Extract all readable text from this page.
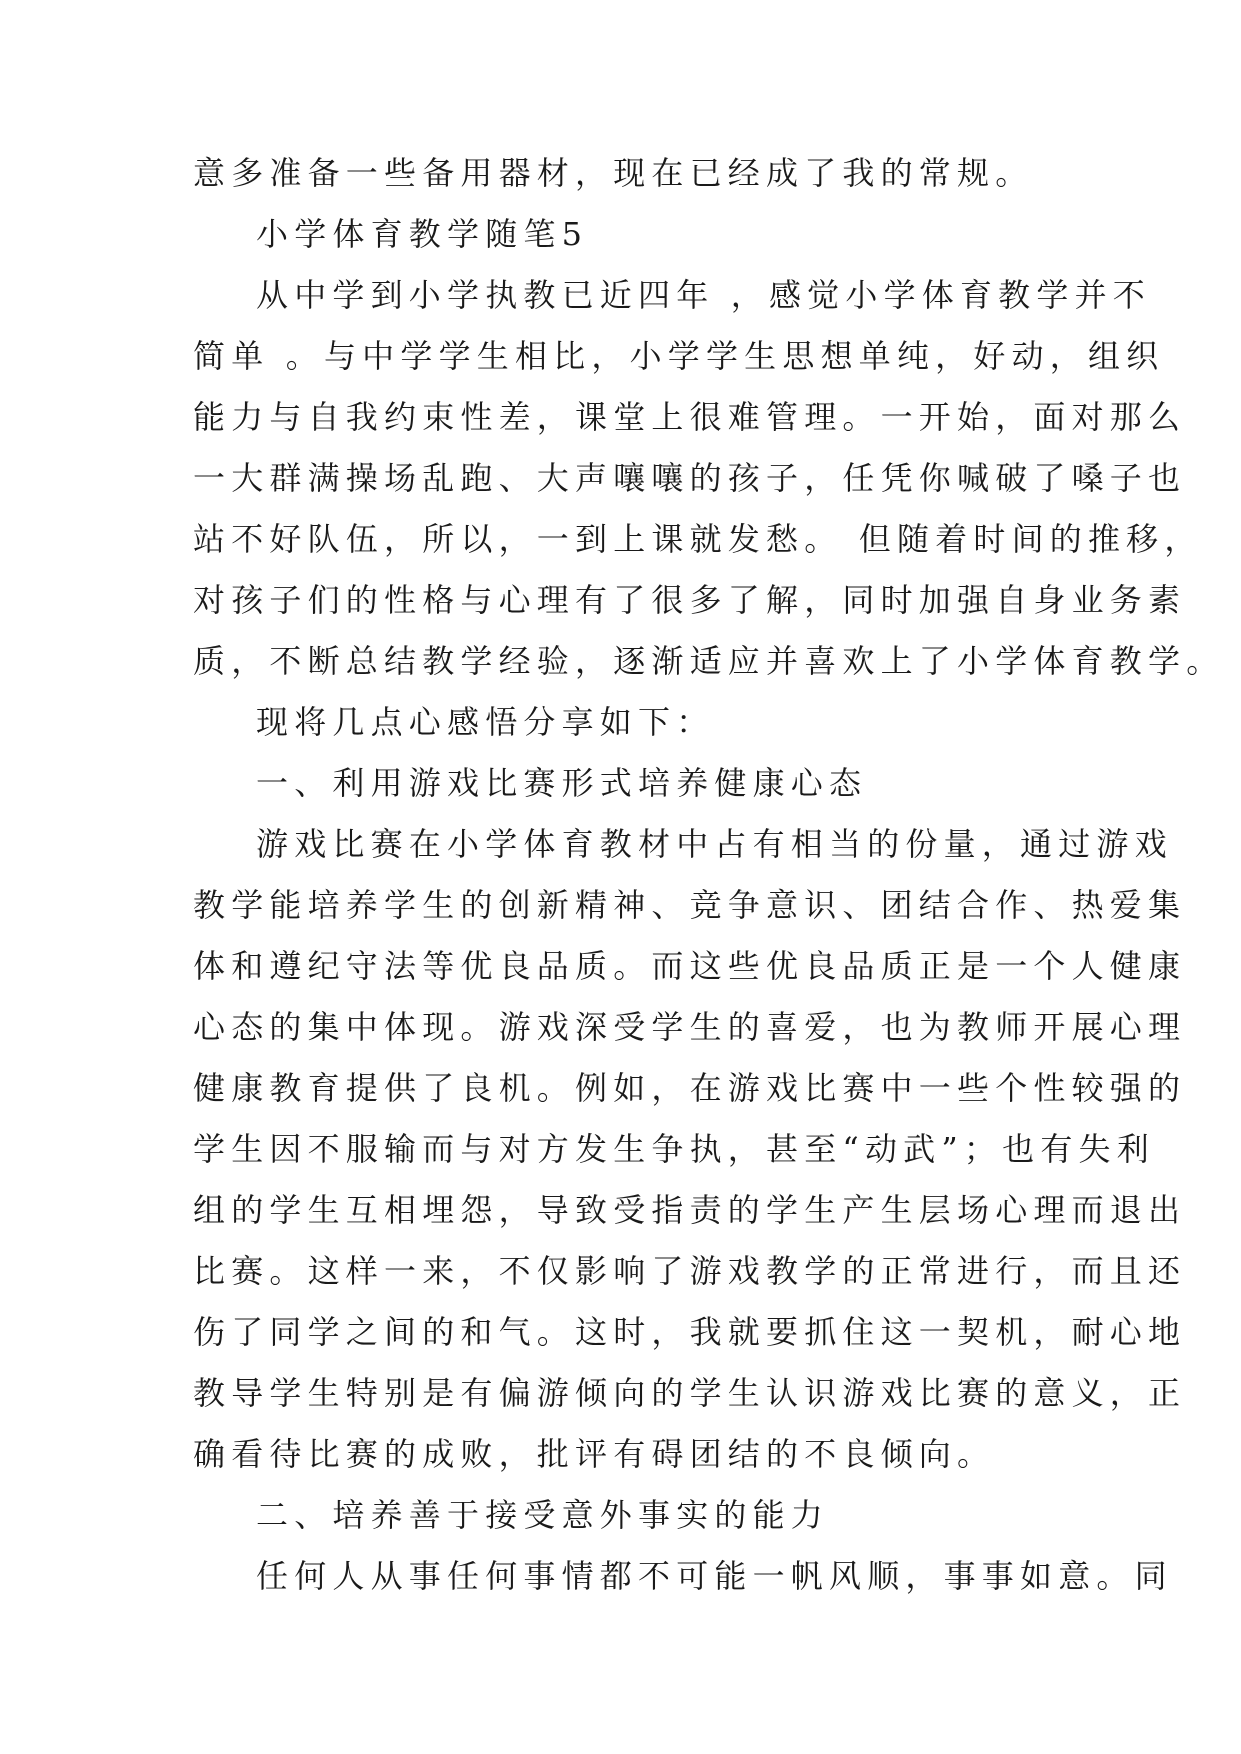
意多准备一些备用器材，现在已经成了我的常规。
小学体育教学随笔5
从中学到小学执教已近四年 ，感觉小学体育教学并不
简单 。与中学学生相比，小学学生思想单纯，好动，组织
能力与自我约束性差，课堂上很难管理。一开始，面对那么
一大群满操场乱跑、大声嚷嚷的孩子，任凭你喊破了嗓子也
站不好队伍，所以，一到上课就发愁。 但随着时间的推移，
对孩子们的性格与心理有了很多了解，同时加强自身业务素
质，不断总结教学经验，逐渐适应并喜欢上了小学体育教学。
现将几点心感悟分享如下：
一、利用游戏比赛形式培养健康心态
游戏比赛在小学体育教材中占有相当的份量，通过游戏
教学能培养学生的创新精神、竞争意识、团结合作、热爱集
体和遵纪守法等优良品质。而这些优良品质正是一个人健康
心态的集中体现。游戏深受学生的喜爱，也为教师开展心理
健康教育提供了良机。例如，在游戏比赛中一些个性较强的
学生因不服输而与对方发生争执，甚至“动武”；也有失利
组的学生互相埋怨，导致受指责的学生产生层场心理而退出
比赛。这样一来，不仅影响了游戏教学的正常进行，而且还
伤了同学之间的和气。这时，我就要抓住这一契机，耐心地
教导学生特别是有偏游倾向的学生认识游戏比赛的意义，正
确看待比赛的成败，批评有碍团结的不良倾向。
二、培养善于接受意外事实的能力
任何人从事任何事情都不可能一帆风顺，事事如意。同
